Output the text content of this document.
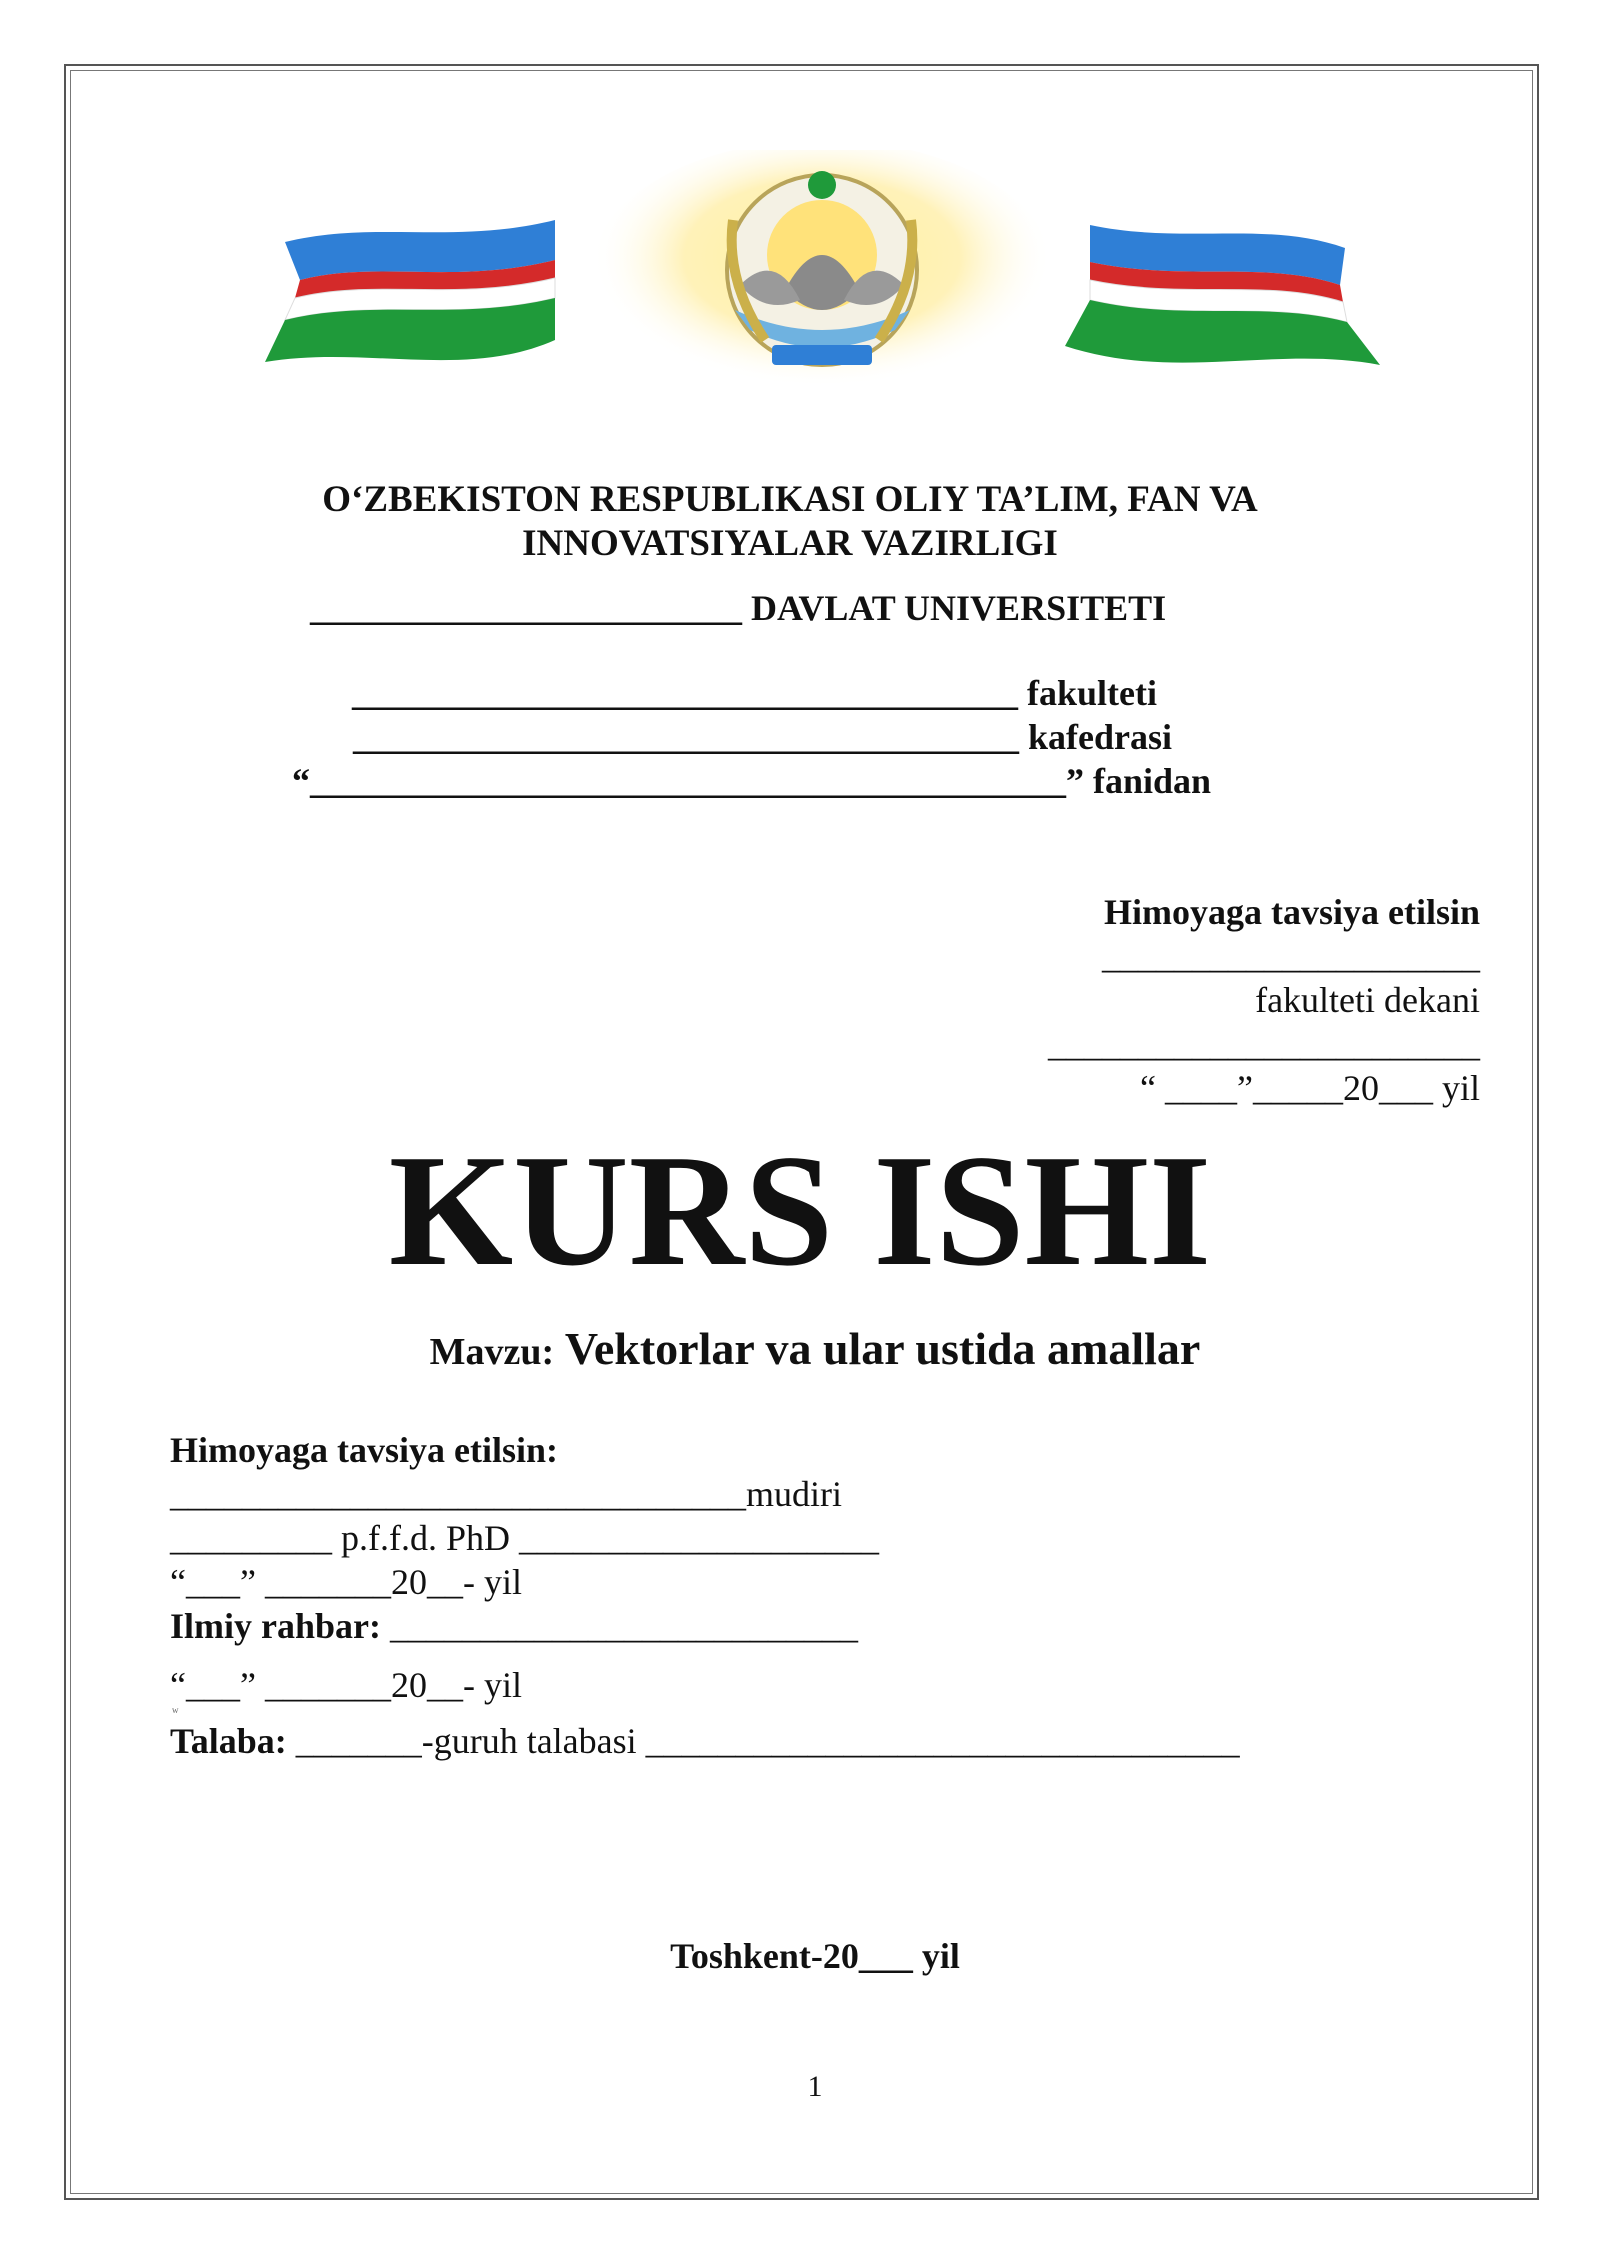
O‘ZBEKISTON RESPUBLIKASI OLIY TA’LIM, FAN VA
INNOVATSIYALAR VAZIRLIGI
________________________ DAVLAT UNIVERSITETI
_____________________________________ fakulteti
_____________________________________ kafedrasi
“__________________________________________” fanidan
Himoyaga tavsiya etilsin
_____________________
fakulteti dekani
________________________
“ ____”_____20___ yil
KURS ISHI
Mavzu: Vektorlar va ular ustida amallar
Himoyaga tavsiya etilsin:
________________________________mudiri
_________ p.f.f.d. PhD ____________________
“___” _______20__- yil
Ilmiy rahbar: __________________________
“___” _______20__- yil
w
Talaba: _______-guruh talabasi _________________________________
Toshkent-20___ yil
1
